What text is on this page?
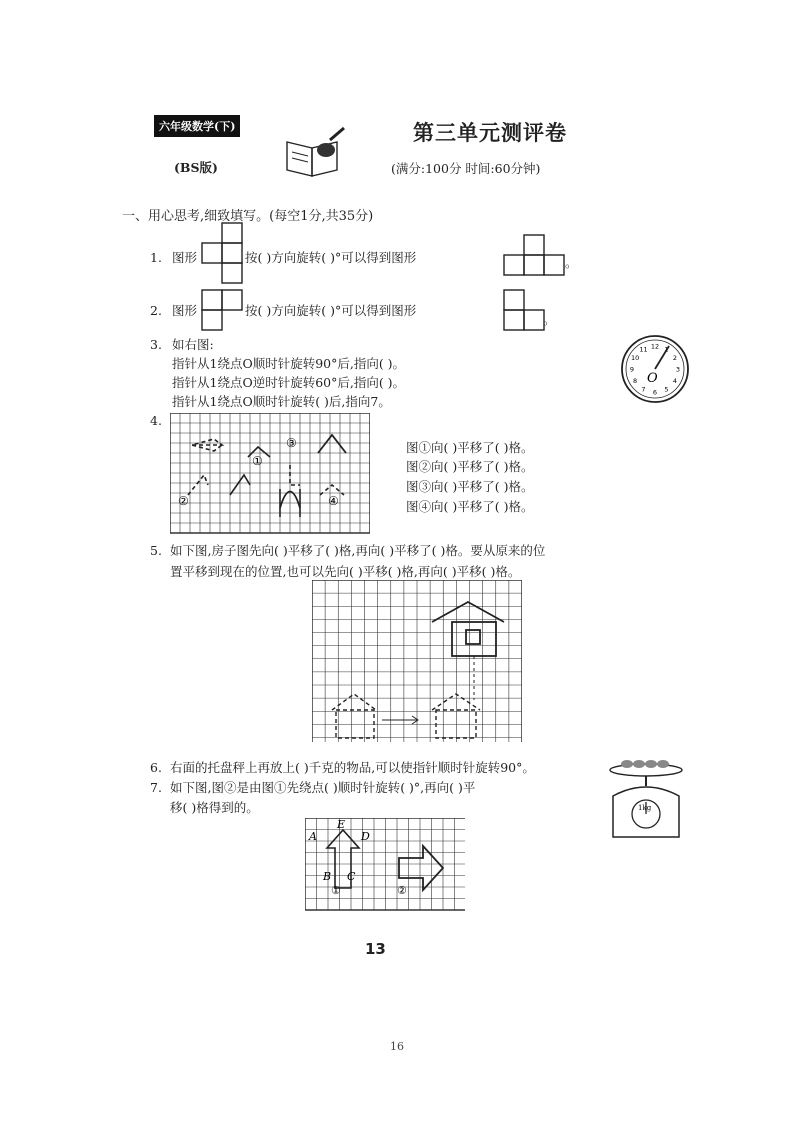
六年级数学(下)	第三单元测评卷
(BS版)	(满分:100分 时间:60分钟)
一、用心思考,细致填写。(每空1分,共35分)
1. 图形	按( )方向旋转( )°可以得到图形	。
2. 图形	按( )方向旋转( )°可以得到图形
。
3. 如右图:
指针从1绕点O顺时针旋转90°后,指向( )。
指针从1绕点O逆时针旋转60°后,指向( )。
指针从1绕点O顺时针旋转( )后,指向7。
O
12 1
2
3
4
5
6
7
8
9
10
11
4.
①
②
③
④
图①向( )平移了( )格。
图②向( )平移了( )格。
图③向( )平移了( )格。
图④向( )平移了( )格。
5. 如下图,房子图先向( )平移了( )格,再向( )平移了( )格。要从原来的位
置平移到现在的位置,也可以先向( )平移( )格,再向( )平移( )格。
6. 右面的托盘秤上再放上( )千克的物品,可以使指针顺时针旋转90°。
1kg
7. 如下图,图②是由图①先绕点( )顺时针旋转( )°,再向( )平
移( )格得到的。
A
E
D
B C
①	②
13
16
